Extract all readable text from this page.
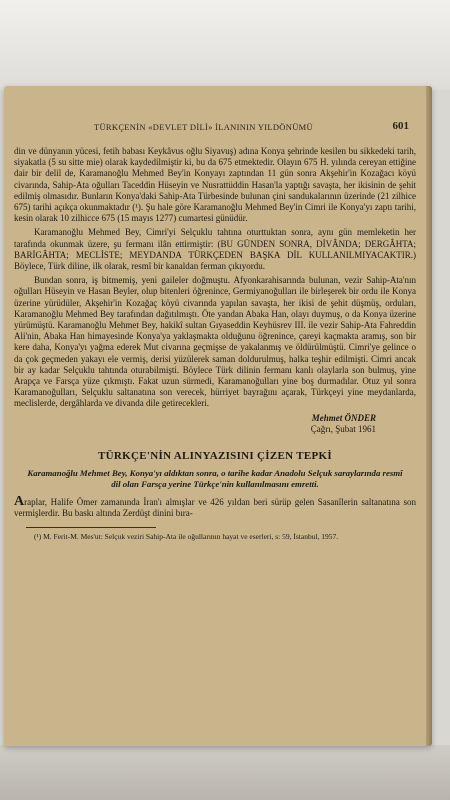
TÜRKÇENİN «DEVLET DİLİ» İLANININ YILDÖNÜMÜ	601

din ve dünyanın yücesi, fetih babası Keykâvus oğlu Siyavuş) adına Konya şehrinde kesilen bu sikkedeki tarih, siyakatla (5 su sitte mie) olarak kaydedilmiştir ki, bu da 675 etmektedir. Olayın 675 H. yılında cereyan ettiğine dair bir delil de, Karamanoğlu Mehmed Bey'in Konyayı zaptından 11 gün sonra Akşehir'in Kozağacı köyü civarında, Sahip-Ata oğulları Taceddin Hüseyin ve Nusrattüddin Hasan'la yaptığı savaşta, her ikisinin de şehit edilmiş olmasıdır. Bunların Konya'daki Sahip-Ata Türbesinde bulunan çini sandukalarının üzerinde (21 zilhice 675) tarihi açıkça okunmaktadır (¹). Şu hale göre Karamanoğlu Mehmed Bey'in Cimri ile Konya'yı zaptı tarihi, kesin olarak 10 zilhicce 675 (15 mayıs 1277) cumartesi günüdür.

Karamanoğlu Mehmed Bey, Cimri'yi Selçuklu tahtına oturttuktan sonra, aynı gün memleketin her tarafında okunmak üzere, şu fermanı ilân ettirmiştir: (BU GÜNDEN SONRA, DİVÂNDA; DERGÂHTA; BARİGÂHTA; MECLİSTE; MEYDANDA TÜRKÇEDEN BAŞKA DİL KULLANILMIYACAKTIR.) Böylece, Türk diline, ilk olarak, resmî bir kanaldan ferman çıkıyordu.

Bundan sonra, iş bitmemiş, yeni gaileler doğmuştu. Afyonkarahisarında bulunan, vezir Sahip-Ata'nın oğulları Hüseyin ve Hasan Beyler, olup bitenleri öğrenince, Germiyanoğulları ile birleşerek bir ordu ile Konya üzerine yürüdüler, Akşehir'in Kozağaç köyü civarında yapılan savaşta, her ikisi de şehit düşmüş, orduları, Karamanoğlu Mehmed Bey tarafından dağıtılmıştı. Öte yandan Abaka Han, olayı duymuş, o da Konya üzerine yürümüştü. Karamanoğlu Mehmet Bey, hakikî sultan Gıyaseddin Keyhüsrev III. ile vezir Sahip-Ata Fahreddin Ali'nin, Abaka Han himayesinde Konya'ya yaklaşmakta olduğunu öğrenince, çareyi kaçmakta aramış, son bir kere daha, Konya'yı yağma ederek Mut civarına geçmişse de yakalanmış ve öldürülmüştü. Cimri'ye gelince o da çok geçmeden yakayı ele vermiş, derisi yüzülerek saman doldurulmuş, halka teşhir edilmişti. Cimri ancak bir ay kadar Selçuklu tahtında oturabilmişti. Böylece Türk dilinin fermanı kanlı olaylarla son bulmuş, yine Arapça ve Farsça yüze çıkmıştı. Fakat uzun sürmedi, Karamanoğulları yine boş durmadılar. Otuz yıl sonra Karamanoğulları, Selçuklu saltanatına son verecek, hürriyet bayrağını açarak, Türkçeyi yine meydanlarda, meclislerde, dergâhlarda ve divanda dile getirecekleri.

Mehmet ÖNDER
Çağrı, Şubat 1961
TÜRKÇE'NİN ALINYAZISINI ÇİZEN TEPKİ
Karamanoğlu Mehmet Bey, Konya'yı aldıktan sonra, o tarihe kadar Anadolu Selçuk saraylarında resmî dil olan Farsça yerine Türkçe'nin kullanılmasını emretti.

Araplar, Halife Ömer zamanında İran'ı almışlar ve 426 yıldan beri sürüp gelen Sasanîlerin saltanatına son vermişlerdir. Bu baskı altında Zerdüşt dinini bıra-

(¹) M. Ferit-M. Mes'ut: Selçuk veziri Sahip-Ata ile oğullarının hayat ve eserleri, s: 59, İstanbul, 1957.
